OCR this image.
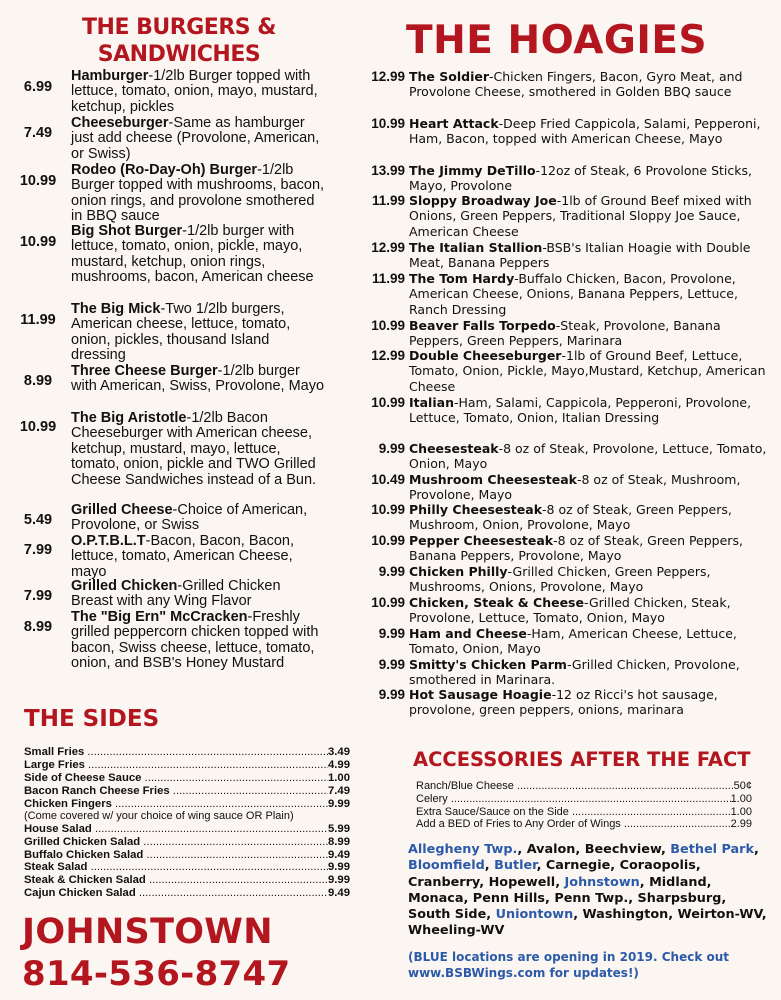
THE BURGERS &
SANDWICHES
6.99
Hamburger-1/2lb Burger topped with lettuce, tomato, onion, mayo, mustard, ketchup, pickles
7.49
Cheeseburger-Same as hamburger just add cheese (Provolone, American, or Swiss)
10.99
Rodeo (Ro-Day-Oh) Burger-1/2lb Burger topped with mushrooms, bacon, onion rings, and provolone smothered in BBQ sauce
10.99
Big Shot Burger-1/2lb burger with lettuce, tomato, onion, pickle, mayo, mustard, ketchup, onion rings, mushrooms, bacon, American cheese
11.99
The Big Mick-Two 1/2lb burgers, American cheese, lettuce, tomato, onion, pickles, thousand Island dressing
8.99
Three Cheese Burger-1/2lb burger with American, Swiss, Provolone, Mayo
10.99
The Big Aristotle-1/2lb Bacon Cheeseburger with American cheese, ketchup, mustard, mayo, lettuce, tomato, onion, pickle and TWO Grilled Cheese Sandwiches instead of a Bun.
5.49
Grilled Cheese-Choice of American, Provolone, or Swiss
7.99
O.P.T.B.L.T-Bacon, Bacon, Bacon, lettuce, tomato, American Cheese, mayo
7.99
Grilled Chicken-Grilled Chicken Breast with any Wing Flavor
8.99
The "Big Ern" McCracken-Freshly grilled peppercorn chicken topped with bacon, Swiss cheese, lettuce, tomato, onion, and BSB's Honey Mustard
THE HOAGIES
12.99 The Soldier-Chicken Fingers, Bacon, Gyro Meat, and Provolone Cheese, smothered in Golden BBQ sauce
10.99 Heart Attack-Deep Fried Cappicola, Salami, Pepperoni, Ham, Bacon, topped with American Cheese, Mayo
13.99 The Jimmy DeTillo-12oz of Steak, 6 Provolone Sticks, Mayo, Provolone
11.99 Sloppy Broadway Joe-1lb of Ground Beef mixed with Onions, Green Peppers, Traditional Sloppy Joe Sauce, American Cheese
12.99 The Italian Stallion-BSB's Italian Hoagie with Double Meat, Banana Peppers
11.99 The Tom Hardy-Buffalo Chicken, Bacon, Provolone, American Cheese, Onions, Banana Peppers, Lettuce, Ranch Dressing
10.99 Beaver Falls Torpedo-Steak, Provolone, Banana Peppers, Green Peppers, Marinara
12.99 Double Cheeseburger-1lb of Ground Beef, Lettuce, Tomato, Onion, Pickle, Mayo,Mustard, Ketchup, American Cheese
10.99 Italian-Ham, Salami, Cappicola, Pepperoni, Provolone, Lettuce, Tomato, Onion, Italian Dressing
9.99 Cheesesteak-8 oz of Steak, Provolone, Lettuce, Tomato, Onion, Mayo
10.49 Mushroom Cheesesteak-8 oz of Steak, Mushroom, Provolone, Mayo
10.99 Philly Cheesesteak-8 oz of Steak, Green Peppers, Mushroom, Onion, Provolone, Mayo
10.99 Pepper Cheesesteak-8 oz of Steak, Green Peppers, Banana Peppers, Provolone, Mayo
9.99 Chicken Philly-Grilled Chicken, Green Peppers, Mushrooms, Onions, Provolone, Mayo
10.99 Chicken, Steak & Cheese-Grilled Chicken, Steak, Provolone, Lettuce, Tomato, Onion, Mayo
9.99 Ham and Cheese-Ham, American Cheese, Lettuce, Tomato, Onion, Mayo
9.99 Smitty's Chicken Parm-Grilled Chicken, Provolone, smothered in Marinara.
9.99 Hot Sausage Hoagie-12 oz Ricci's hot sausage, provolone, green peppers, onions, marinara
THE SIDES
Small Fries .....	3.49
Large Fries .....	4.99
Side of Cheese Sauce .....	1.00
Bacon Ranch Cheese Fries .....	7.49
Chicken Fingers .....	9.99
(Come covered w/ your choice of wing sauce OR Plain)
House Salad .....	5.99
Grilled Chicken Salad .....	8.99
Buffalo Chicken Salad .....	9.49
Steak Salad .....	9.99
Steak & Chicken Salad .....	9.99
Cajun Chicken Salad .....	9.49
JOHNSTOWN
814-536-8747
ACCESSORIES AFTER THE FACT
Ranch/Blue Cheese .....	50¢
Celery .....	1.00
Extra Sauce/Sauce on the Side .....	1.00
Add a BED of Fries to Any Order of Wings .....	2.99
Allegheny Twp., Avalon, Beechview, Bethel Park, Bloomfield, Butler, Carnegie, Coraopolis, Cranberry, Hopewell, Johnstown, Midland, Monaca, Penn Hills, Penn Twp., Sharpsburg, South Side, Uniontown, Washington, Weirton-WV, Wheeling-WV
(BLUE locations are opening in 2019. Check out www.BSBWings.com for updates!)
